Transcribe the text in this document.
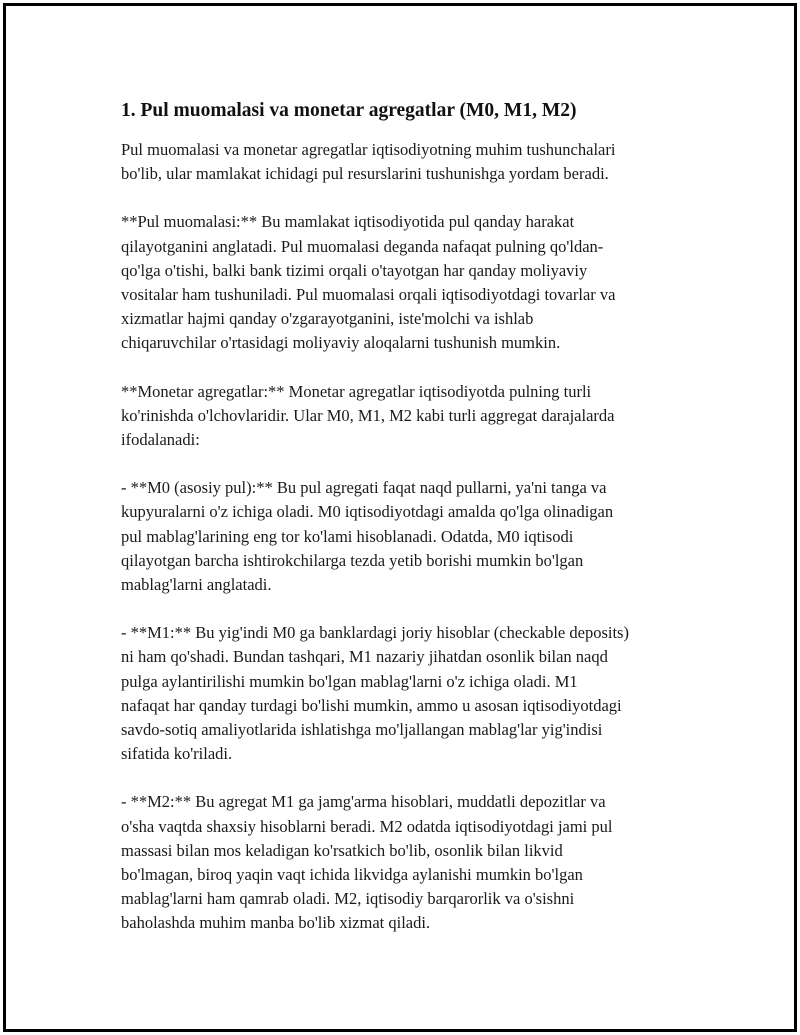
1. Pul muomalasi va monetar agregatlar (M0, M1, M2)

Pul muomalasi va monetar agregatlar iqtisodiyotning muhim tushunchalari
bo'lib, ular mamlakat ichidagi pul resurslarini tushunishga yordam beradi.

**Pul muomalasi:** Bu mamlakat iqtisodiyotida pul qanday harakat
qilayotganini anglatadi. Pul muomalasi deganda nafaqat pulning qo'ldan-
qo'lga o'tishi, balki bank tizimi orqali o'tayotgan har qanday moliyaviy
vositalar ham tushuniladi. Pul muomalasi orqali iqtisodiyotdagi tovarlar va
xizmatlar hajmi qanday o'zgarayotganini, iste'molchi va ishlab
chiqaruvchilar o'rtasidagi moliyaviy aloqalarni tushunish mumkin.

**Monetar agregatlar:** Monetar agregatlar iqtisodiyotda pulning turli
ko'rinishda o'lchovlaridir. Ular M0, M1, M2 kabi turli aggregat darajalarda
ifodalanadi:

- **M0 (asosiy pul):** Bu pul agregati faqat naqd pullarni, ya'ni tanga va
kupyuralarni o'z ichiga oladi. M0 iqtisodiyotdagi amalda qo'lga olinadigan
pul mablag'larining eng tor ko'lami hisoblanadi. Odatda, M0 iqtisodi
qilayotgan barcha ishtirokchilarga tezda yetib borishi mumkin bo'lgan
mablag'larni anglatadi.

- **M1:** Bu yig'indi M0 ga banklardagi joriy hisoblar (checkable deposits)
ni ham qo'shadi. Bundan tashqari, M1 nazariy jihatdan osonlik bilan naqd
pulga aylantirilishi mumkin bo'lgan mablag'larni o'z ichiga oladi. M1
nafaqat har qanday turdagi bo'lishi mumkin, ammo u asosan iqtisodiyotdagi
savdo-sotiq amaliyotlarida ishlatishga mo'ljallangan mablag'lar yig'indisi
sifatida ko'riladi.

- **M2:** Bu agregat M1 ga jamg'arma hisoblari, muddatli depozitlar va
o'sha vaqtda shaxsiy hisoblarni beradi. M2 odatda iqtisodiyotdagi jami pul
massasi bilan mos keladigan ko'rsatkich bo'lib, osonlik bilan likvid
bo'lmagan, biroq yaqin vaqt ichida likvidga aylanishi mumkin bo'lgan
mablag'larni ham qamrab oladi. M2, iqtisodiy barqarorlik va o'sishni
baholashda muhim manba bo'lib xizmat qiladi.
